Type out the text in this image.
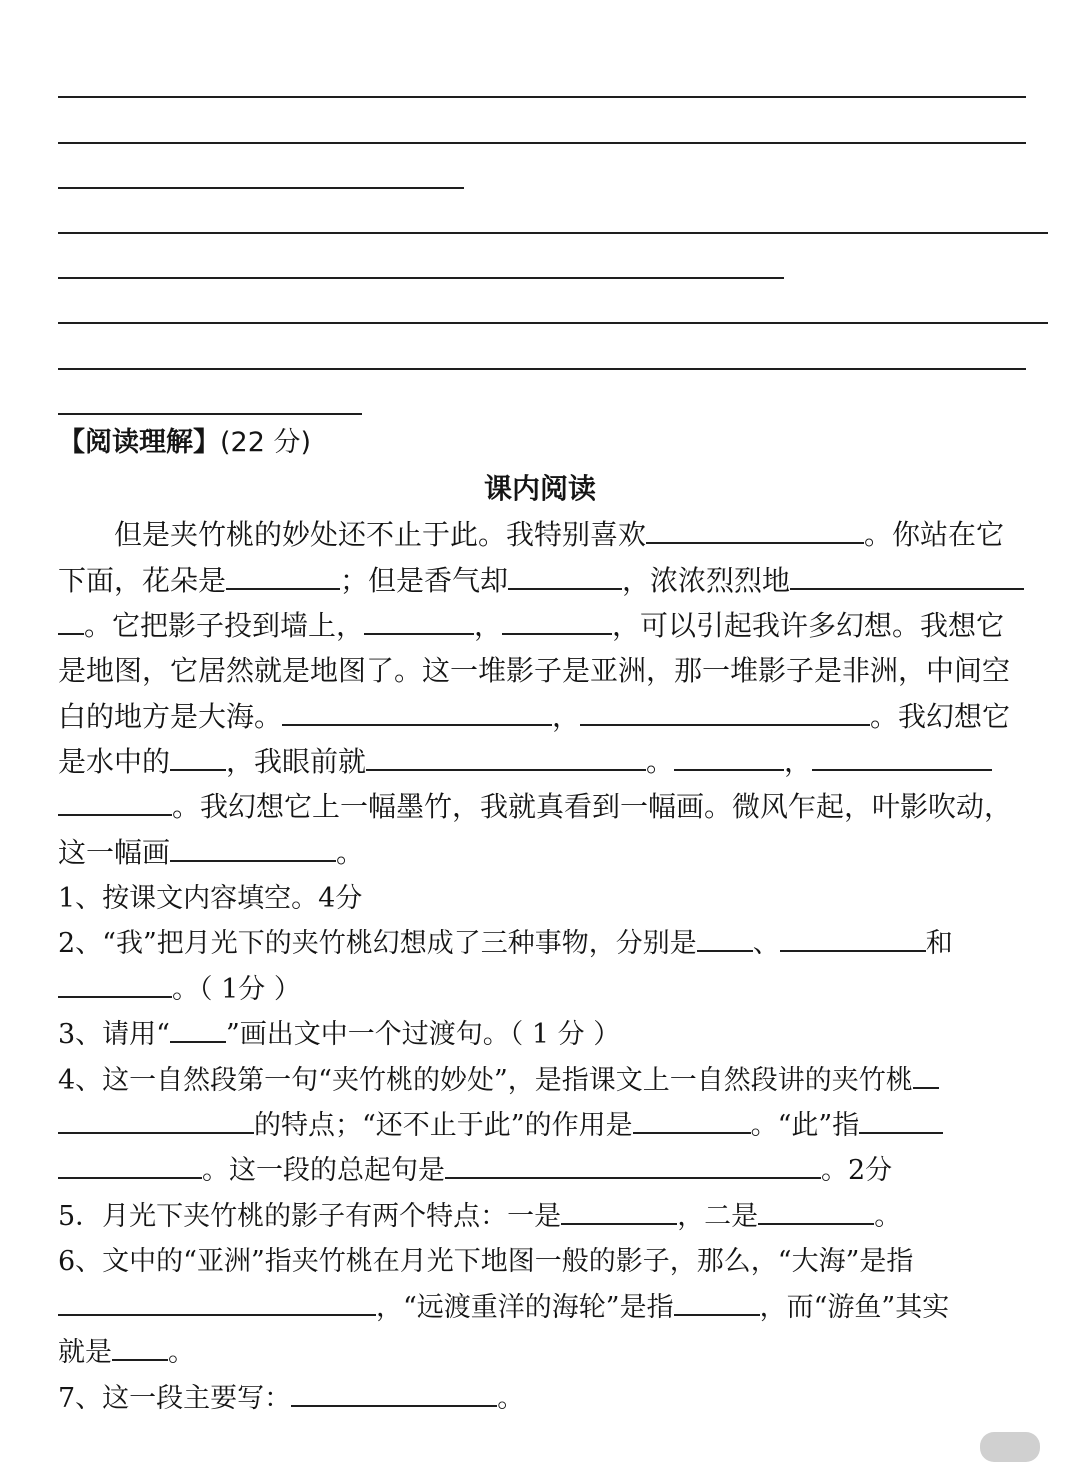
【阅读理解】(22 分)
课内阅读
但是夹竹桃的妙处还不止于此。我特别喜欢	。你站在它
下面，花朵是	；但是香气却	，浓浓烈烈地
。它把影子投到墙上，	，	，可以引起我许多幻想。我想它
是地图，它居然就是地图了。这一堆影子是亚洲，那一堆影子是非洲，中间空
白的地方是大海。	，	。我幻想它
是水中的 ，我眼前就	。	，
。我幻想它上一幅墨竹，我就真看到一幅画。微风乍起，叶影吹动，
这一幅画	。
1、按课文内容填空。4分
2、“我”把月光下的夹竹桃幻想成了三种事物，分别是 、	和
。（ 1分 ）
3、请用“ ”画出文中一个过渡句。（ 1 分 ）
4、这一自然段第一句“夹竹桃的妙处”，是指课文上一自然段讲的夹竹桃
的特点；“还不止于此”的作用是	。“此”指
。这一段的总起句是	。2分
5．月光下夹竹桃的影子有两个特点：一是	，二是	。
6、文中的“亚洲”指夹竹桃在月光下地图一般的影子，那么，“大海”是指
，“远渡重洋的海轮”是指	，而“游鱼”其实
就是 。
7、这一段主要写：	。
